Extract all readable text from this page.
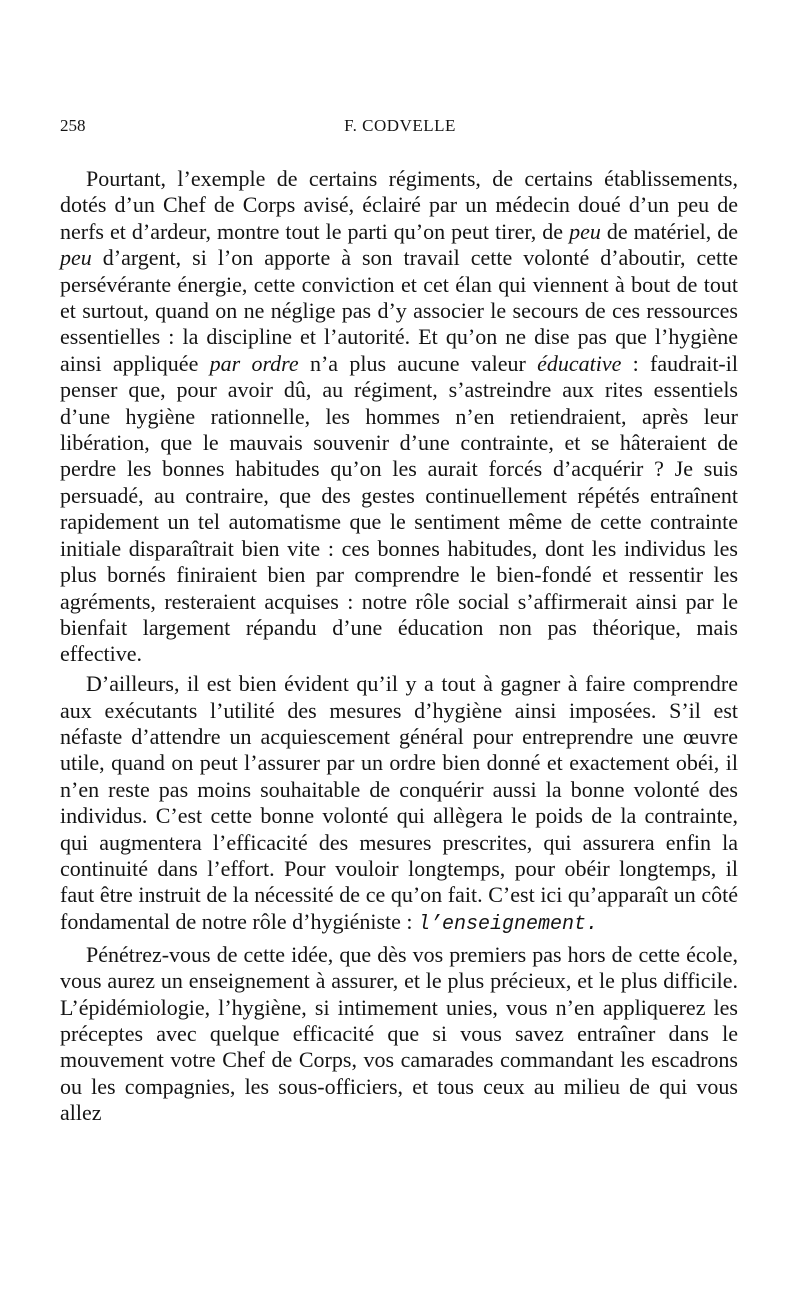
258	F. CODVELLE

Pourtant, l’exemple de certains régiments, de certains établissements, dotés d’un Chef de Corps avisé, éclairé par un médecin doué d’un peu de nerfs et d’ardeur, montre tout le parti qu’on peut tirer, de peu de matériel, de peu d’argent, si l’on apporte à son travail cette volonté d’aboutir, cette persévérante énergie, cette conviction et cet élan qui viennent à bout de tout et surtout, quand on ne néglige pas d’y associer le secours de ces ressources essentielles : la discipline et l’autorité. Et qu’on ne dise pas que l’hygiène ainsi appliquée par ordre n’a plus aucune valeur éducative : faudrait-il penser que, pour avoir dû, au régiment, s’astreindre aux rites essentiels d’une hygiène rationnelle, les hommes n’en retiendraient, après leur libération, que le mauvais souvenir d’une contrainte, et se hâteraient de perdre les bonnes habitudes qu’on les aurait forcés d’acquérir ? Je suis persuadé, au contraire, que des gestes continuellement répétés entraînent rapidement un tel automatisme que le sentiment même de cette contrainte initiale disparaîtrait bien vite : ces bonnes habitudes, dont les individus les plus bornés finiraient bien par comprendre le bien-fondé et ressentir les agréments, resteraient acquises : notre rôle social s’affirmerait ainsi par le bienfait largement répandu d’une éducation non pas théorique, mais effective.

D’ailleurs, il est bien évident qu’il y a tout à gagner à faire comprendre aux exécutants l’utilité des mesures d’hygiène ainsi imposées. S’il est néfaste d’attendre un acquiescement général pour entreprendre une œuvre utile, quand on peut l’assurer par un ordre bien donné et exactement obéi, il n’en reste pas moins souhaitable de conquérir aussi la bonne volonté des individus. C’est cette bonne volonté qui allègera le poids de la contrainte, qui augmentera l’efficacité des mesures prescrites, qui assurera enfin la continuité dans l’effort. Pour vouloir longtemps, pour obéir longtemps, il faut être instruit de la nécessité de ce qu’on fait. C’est ici qu’apparaît un côté fondamental de notre rôle d’hygiéniste : l’enseignement.

Pénétrez-vous de cette idée, que dès vos premiers pas hors de cette école, vous aurez un enseignement à assurer, et le plus précieux, et le plus difficile. L’épidémiologie, l’hygiène, si intimement unies, vous n’en appliquerez les préceptes avec quelque efficacité que si vous savez entraîner dans le mouvement votre Chef de Corps, vos camarades commandant les escadrons ou les compagnies, les sous-officiers, et tous ceux au milieu de qui vous allez
